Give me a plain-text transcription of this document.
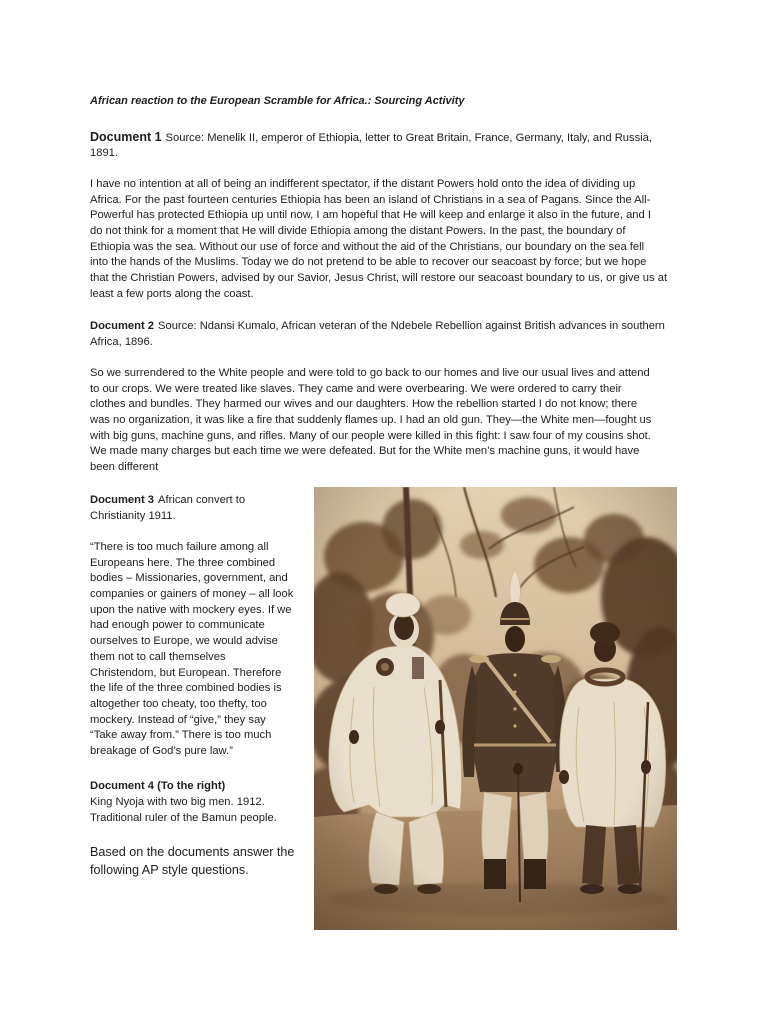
African reaction to the European Scramble for Africa.: Sourcing Activity
Document 1 Source: Menelik II, emperor of Ethiopia, letter to Great Britain, France, Germany, Italy, and Russia,
1891.
I have no intention at all of being an indifferent spectator, if the distant Powers hold onto the idea of dividing up
Africa. For the past fourteen centuries Ethiopia has been an island of Christians in a sea of Pagans. Since the All-
Powerful has protected Ethiopia up until now, I am hopeful that He will keep and enlarge it also in the future, and I
do not think for a moment that He will divide Ethiopia among the distant Powers. In the past, the boundary of
Ethiopia was the sea. Without our use of force and without the aid of the Christians, our boundary on the sea fell
into the hands of the Muslims. Today we do not pretend to be able to recover our seacoast by force; but we hope
that the Christian Powers, advised by our Savior, Jesus Christ, will restore our seacoast boundary to us, or give us at
least a few ports along the coast.
Document 2 Source: Ndansi Kumalo, African veteran of the Ndebele Rebellion against British advances in southern
Africa, 1896.
So we surrendered to the White people and were told to go back to our homes and live our usual lives and attend
to our crops. We were treated like slaves. They came and were overbearing. We were ordered to carry their
clothes and bundles. They harmed our wives and our daughters. How the rebellion started I do not know; there
was no organization, it was like a fire that suddenly flames up. I had an old gun. They—the White men—fought us
with big guns, machine guns, and rifles. Many of our people were killed in this fight: I saw four of my cousins shot.
We made many charges but each time we were defeated. But for the White men’s machine guns, it would have
been different
Document 3 African convert to
Christianity 1911.
“There is too much failure among all
Europeans here. The three combined
bodies – Missionaries, government, and
companies or gainers of money – all look
upon the native with mockery eyes. If we
had enough power to communicate
ourselves to Europe, we would advise
them not to call themselves
Christendom, but European. Therefore
the life of the three combined bodies is
altogether too cheaty, too thefty, too
mockery. Instead of “give,” they say
“Take away from.” There is too much
breakage of God’s pure law.”
Document 4 (To the right)
King Nyoja with two big men. 1912.
Traditional ruler of the Bamun people.
Based on the documents answer the
following AP style questions.
